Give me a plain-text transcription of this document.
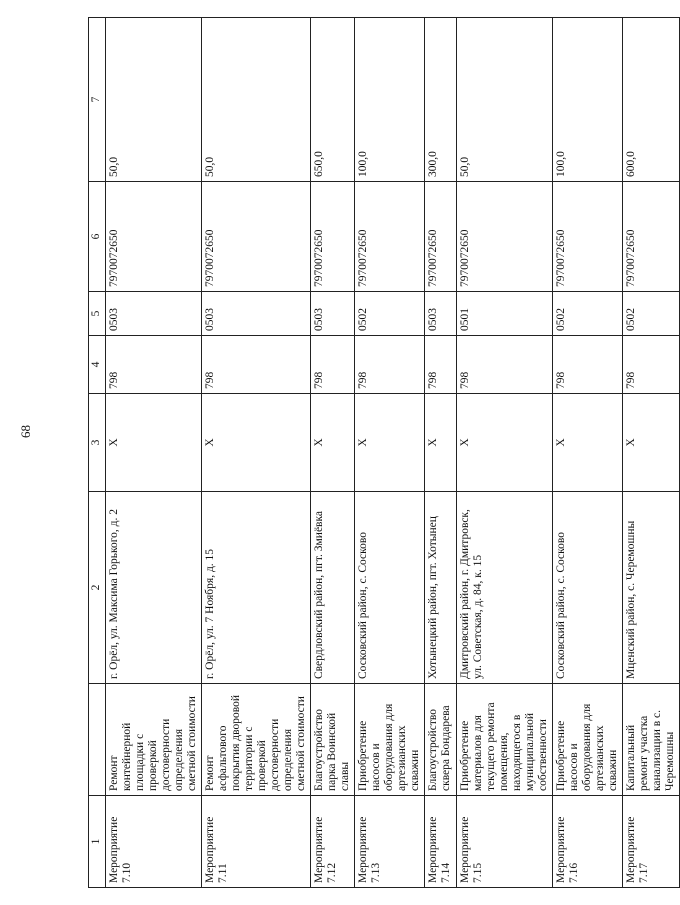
68
1		2	3	4	5	6	7
Мероприятие 7.10	Ремонт контейнерной площадки с проверкой достоверности определения сметной стоимости	г. Орёл, ул. Максима Горького, д. 2	Х	798	0503	7970072650	50,0
Мероприятие 7.11	Ремонт асфальтового покрытия дворовой территории с проверкой достоверности определения сметной стоимости	г. Орёл, ул. 7 Ноября, д. 15	Х	798	0503	7970072650	50,0
Мероприятие 7.12	Благоустройство парка Воинской славы	Свердловский район, пгт. Змиёвка	Х	798	0503	7970072650	650,0
Мероприятие 7.13	Приобретение насосов и оборудования для артезианских скважин	Сосковский район, с. Сосково	Х	798	0502	7970072650	100,0
Мероприятие 7.14	Благоустройство сквера Бондарева	Хотынецкий район, пгт. Хотынец	Х	798	0503	7970072650	300,0
Мероприятие 7.15	Приобретение материалов для текущего ремонта помещения, находящегося в муниципальной собственности	Дмитровский район, г. Дмитровск, ул. Советская, д. 84, к. 15	Х	798	0501	7970072650	50,0
Мероприятие 7.16	Приобретение насосов и оборудования для артезианских скважин	Сосковский район, с. Сосково	Х	798	0502	7970072650	100,0
Мероприятие 7.17	Капитальный ремонт участка канализации в с. Черемошны	Мценский район, с. Черемошны	Х	798	0502	7970072650	600,0
